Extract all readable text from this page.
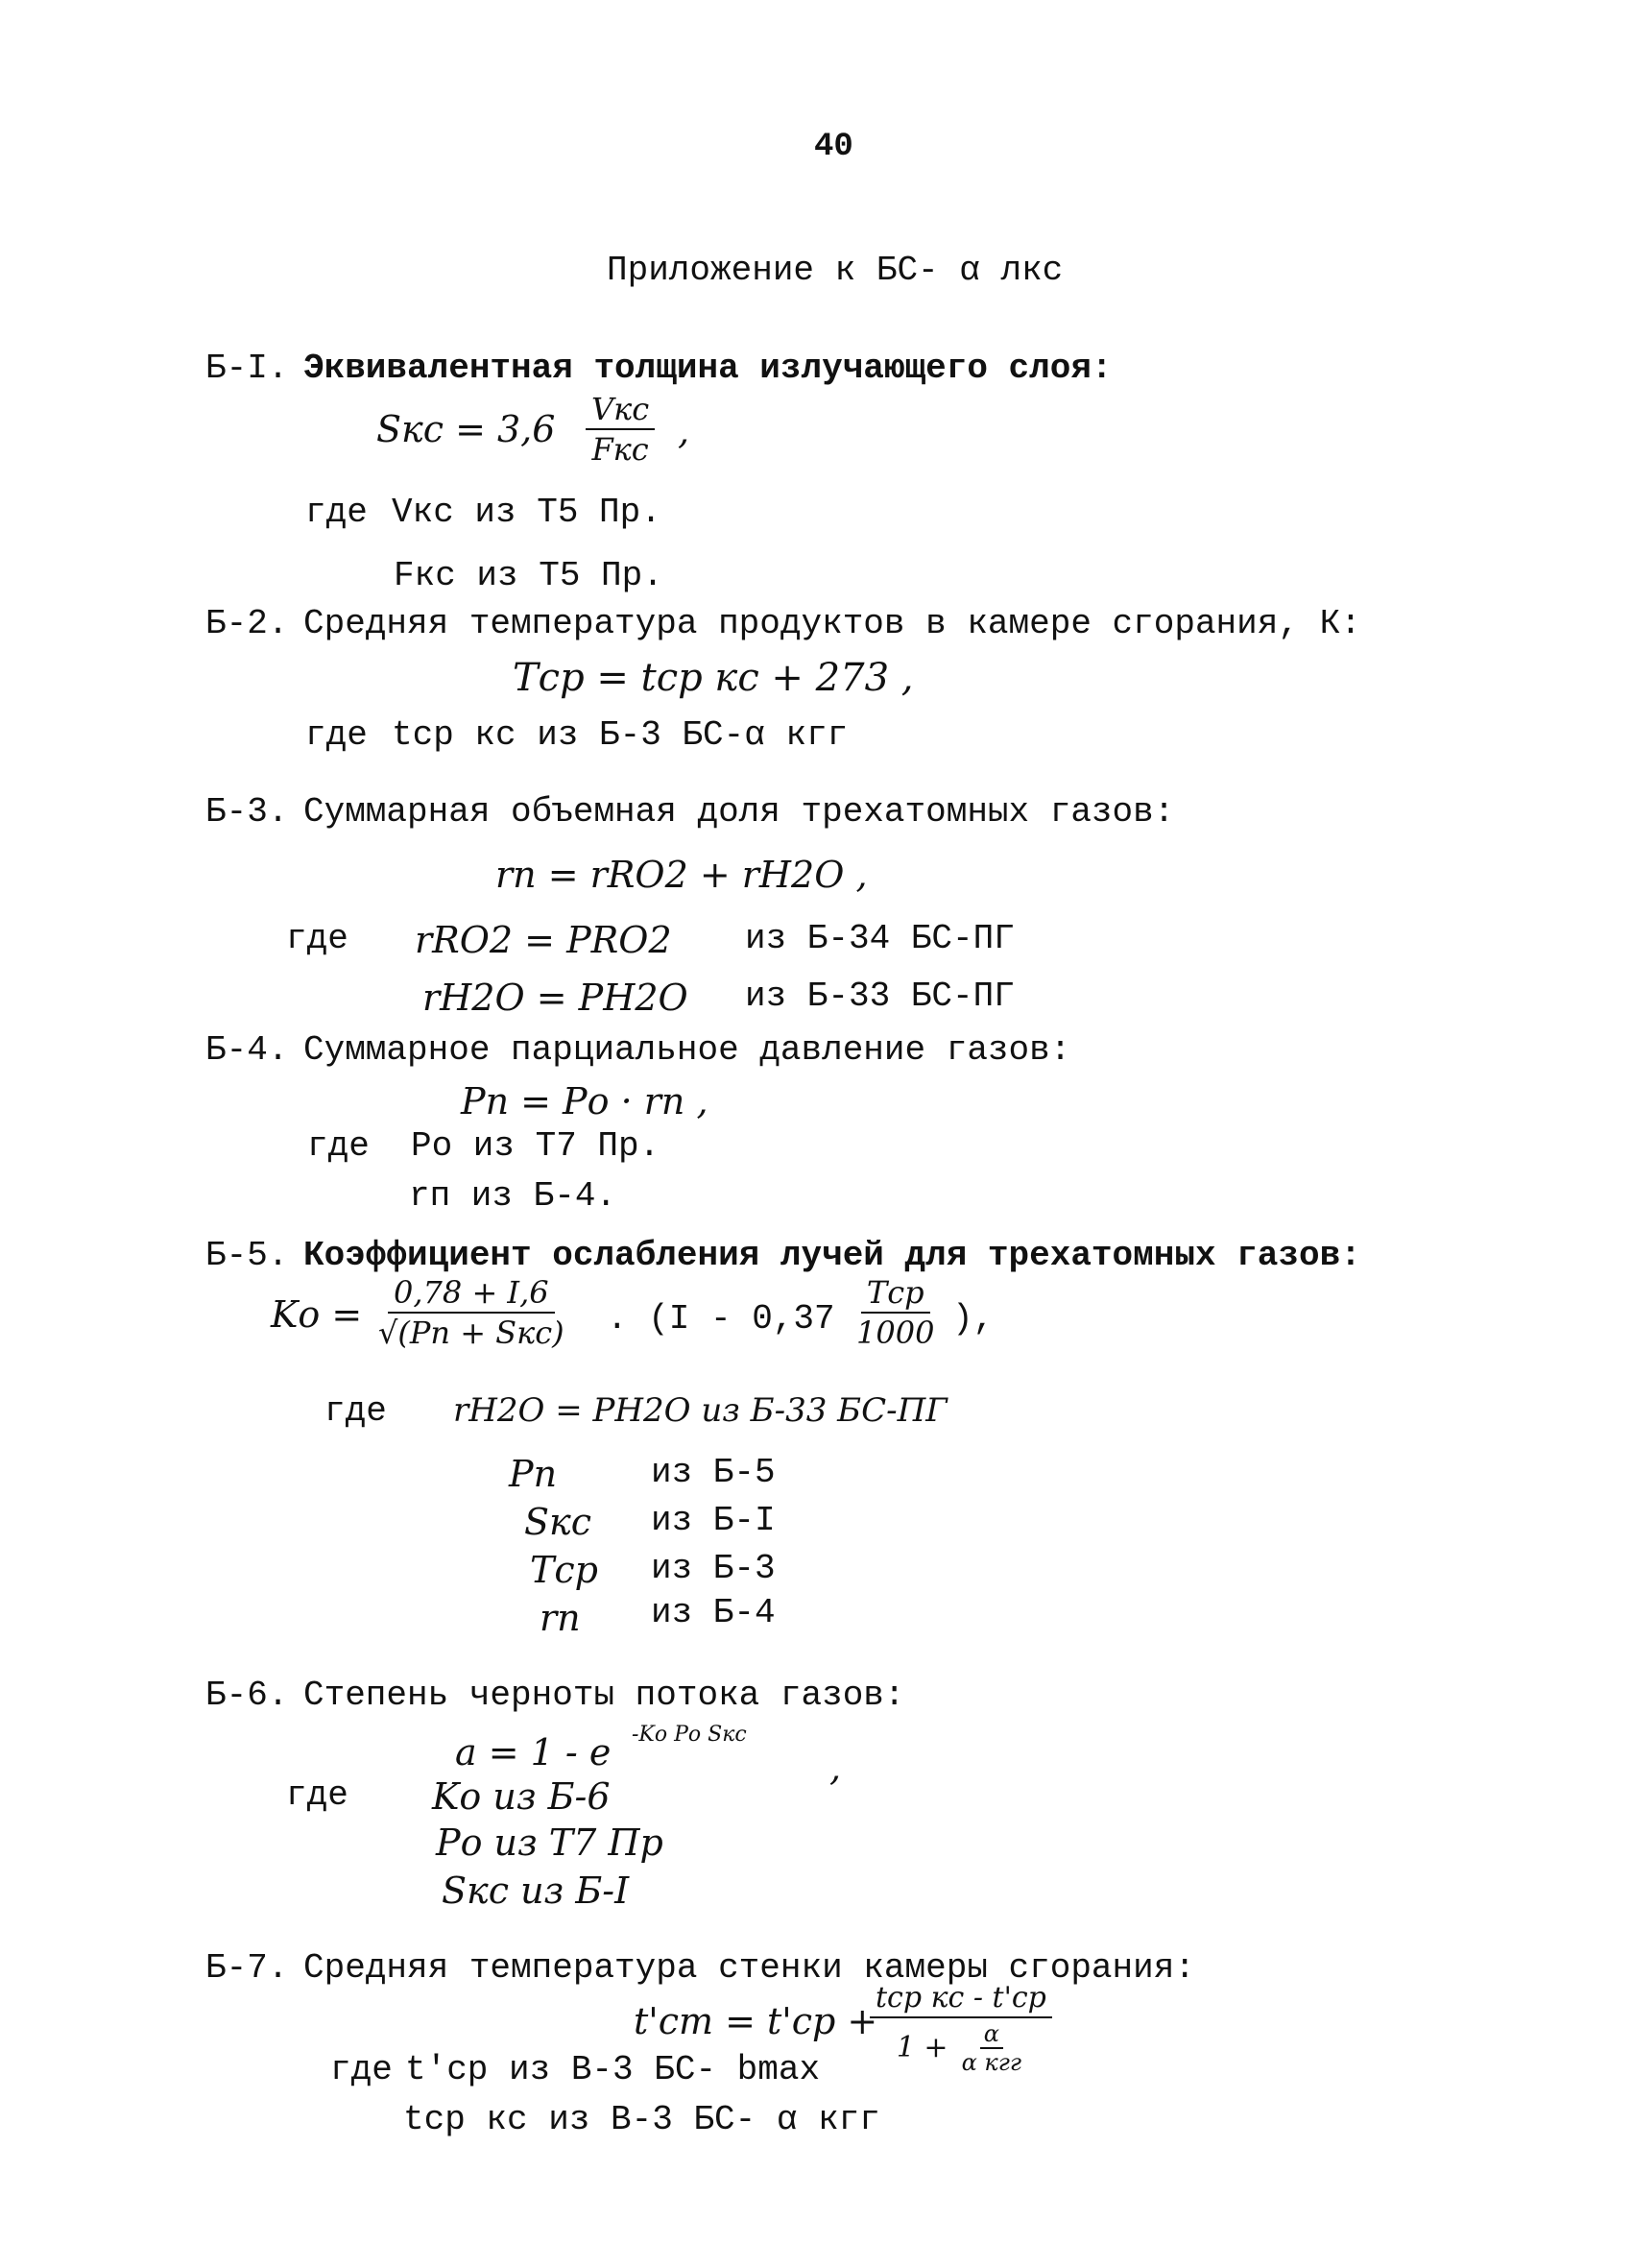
40
Приложение к БС- α лкс
Б-I. Эквивалентная толщина излучающего слоя:
Sкс = 3,6 Vкс
Fкс ,
где Vкс из Т5 Пр.
Fкс из Т5 Пр.
Б-2. Средняя температура продуктов в камере сгорания, К:
Tср = tср кс + 273 ,
где tср кс из Б-3 БС-α кгг
Б-3. Суммарная объемная доля трехатомных газов:
rп = rRO2 + rH2O ,
где rRO2 = PRO2 из Б-34 БС-ПГ
rH2O = PH2O из Б-33 БС-ПГ
Б-4. Суммарное парциальное давление газов:
Pп = Pо · rп ,
где Pо из Т7 Пр.
rп из Б-4.
Б-5. Коэффициент ослабления лучей для трехатомных газов:
Kо =
0,78 + I,6
√(Pп + Sкс) . (I - 0,37
Tср
1000 ),
где rH2O = PH2O из Б-33 БС-ПГ
Pп	из Б-5
Sкс из Б-I
Tср из Б-3
rп из Б-4
Б-6. Степень черноты потока газов:
a = 1 - e -Kо Pо Sкс
,
где Kо из Б-6
Pо из Т7 Пр
Sкс из Б-I
Б-7. Средняя температура стенки камеры сгорания:
t'ст = t'ср +
tср кс - t'ср
1 + α
α кгг
где t'ср из В-3 БС- bmax
tср кс из В-3 БС- α кгг
